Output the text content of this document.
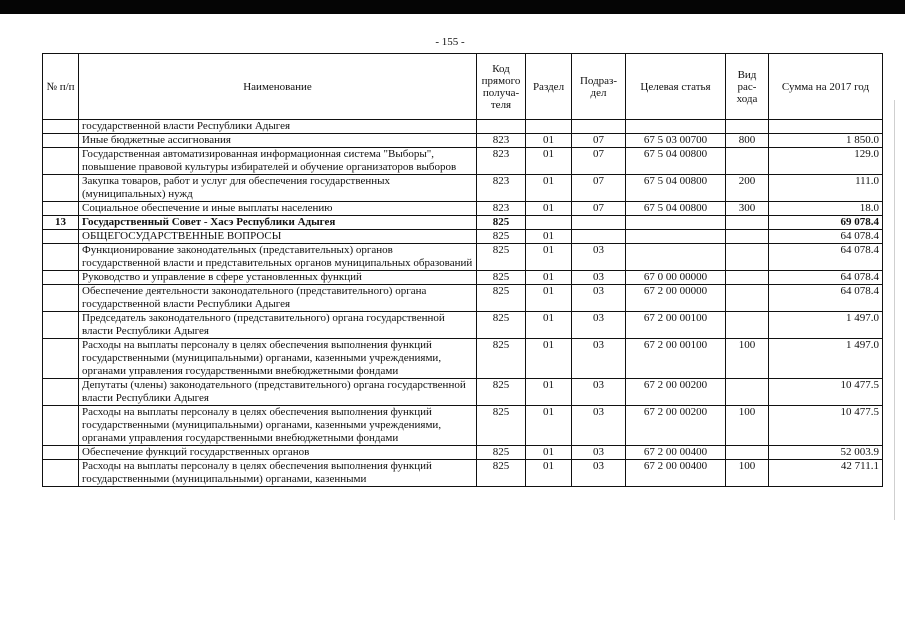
- 155 -
№ п/п	Наименование	Код прямого получа-теля	Раздел	Подраз-дел	Целевая статья	Вид рас-хода	Сумма на 2017 год
	государственной власти Республики Адыгея						
	Иные бюджетные ассигнования	823	01	07	67 5 03 00700	800	1 850.0
	Государственная автоматизированная информационная система "Выборы", повышение правовой культуры избирателей и обучение организаторов выборов	823	01	07	67 5 04 00800		129.0
	Закупка товаров, работ и услуг для обеспечения государственных (муниципальных) нужд	823	01	07	67 5 04 00800	200	111.0
	Социальное обеспечение и иные выплаты населению	823	01	07	67 5 04 00800	300	18.0
13	Государственный Совет - Хасэ Республики Адыгея	825					69 078.4
	ОБЩЕГОСУДАРСТВЕННЫЕ ВОПРОСЫ	825	01				64 078.4
	Функционирование законодательных (представительных) органов государственной власти и представительных органов муниципальных образований	825	01	03			64 078.4
	Руководство и управление в сфере установленных функций	825	01	03	67 0 00 00000		64 078.4
	Обеспечение деятельности законодательного (представительного) органа государственной власти Республики Адыгея	825	01	03	67 2 00 00000		64 078.4
	Председатель законодательного (представительного) органа государственной власти Республики Адыгея	825	01	03	67 2 00 00100		1 497.0
	Расходы на выплаты персоналу в целях обеспечения выполнения функций государственными (муниципальными) органами, казенными учреждениями, органами управления государственными внебюджетными фондами	825	01	03	67 2 00 00100	100	1 497.0
	Депутаты (члены) законодательного (представительного) органа государственной власти Республики Адыгея	825	01	03	67 2 00 00200		10 477.5
	Расходы на выплаты персоналу в целях обеспечения выполнения функций государственными (муниципальными) органами, казенными учреждениями, органами управления государственными внебюджетными фондами	825	01	03	67 2 00 00200	100	10 477.5
	Обеспечение функций государственных органов	825	01	03	67 2 00 00400		52 003.9
	Расходы на выплаты персоналу в целях обеспечения выполнения функций государственными (муниципальными) органами, казенными	825	01	03	67 2 00 00400	100	42 711.1
